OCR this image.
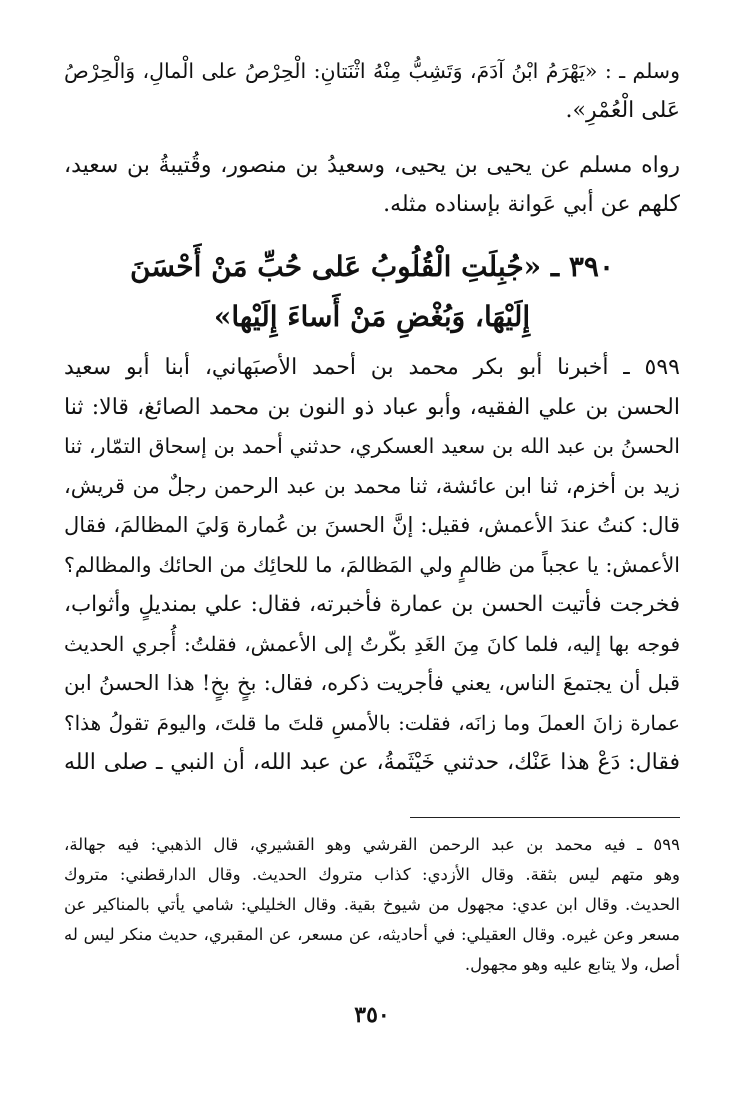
وسلم ـ : «يَهْرَمُ ابْنُ آدَمَ، وَتَشِبُّ مِنْهُ اثْنَتانِ: الْحِرْصُ على الْمالِ، وَالْحِرْصُ
عَلى الْعُمْرِ».
رواه مسلم عن يحيى بن يحيى، وسعيدُ بن منصور، وقُتيبةُ بن سعيد،
كلهم عن أبي عَوانة بإسناده مثله.
٣٩٠ ـ «جُبِلَتِ الْقُلُوبُ عَلى حُبِّ مَنْ أَحْسَنَ
إِلَيْهَا، وَبُغْضِ مَنْ أَساءَ إِلَيْها»
٥٩٩ ـ أخبرنا أبو بكر محمد بن أحمد الأصبَهاني، أبنا أبو سعيد
الحسن بن علي الفقيه، وأبو عباد ذو النون بن محمد الصائغ، قالا: ثنا
الحسنُ بن عبد الله بن سعيد العسكري، حدثني أحمد بن إسحاق التمّار، ثنا
زيد بن أخزم، ثنا ابن عائشة، ثنا محمد بن عبد الرحمن رجلٌ من قريش،
قال: كنتُ عندَ الأعمش، فقيل: إنَّ الحسنَ بن عُمارة وَليَ المظالمَ، فقال
الأعمش: يا عجباً من ظالمٍ ولي المَظالمَ، ما للحائِك من الحائك والمظالم؟
فخرجت فأتيت الحسن بن عمارة فأخبرته، فقال: علي بمنديلٍ وأثواب،
فوجه بها إليه، فلما كانَ مِنَ الغَدِ بكّرتُ إلى الأعمش، فقلتُ: أُجري الحديث
قبل أن يجتمعَ الناس، يعني فأجريت ذكره، فقال: بخٍ بخٍ! هذا الحسنُ ابن
عمارة زانَ العملَ وما زانَه، فقلت: بالأمسِ قلتَ ما قلتَ، واليومَ تقولُ هذا؟
فقال: دَعْ هذا عَنْك، حدثني خَيْثَمةُ، عن عبد الله، أن النبي ـ صلى الله
٥٩٩ ـ فيه محمد بن عبد الرحمن القرشي وهو القشيري، قال الذهبي: فيه جهالة،
وهو متهم ليس بثقة. وقال الأزدي: كذاب متروك الحديث. وقال الدارقطني: متروك
الحديث. وقال ابن عدي: مجهول من شيوخ بقية. وقال الخليلي: شامي يأتي بالمناكير عن
مسعر وعن غيره. وقال العقيلي: في أحاديثه، عن مسعر، عن المقبري، حديث منكر ليس له
أصل، ولا يتابع عليه وهو مجهول.
٣٥٠
